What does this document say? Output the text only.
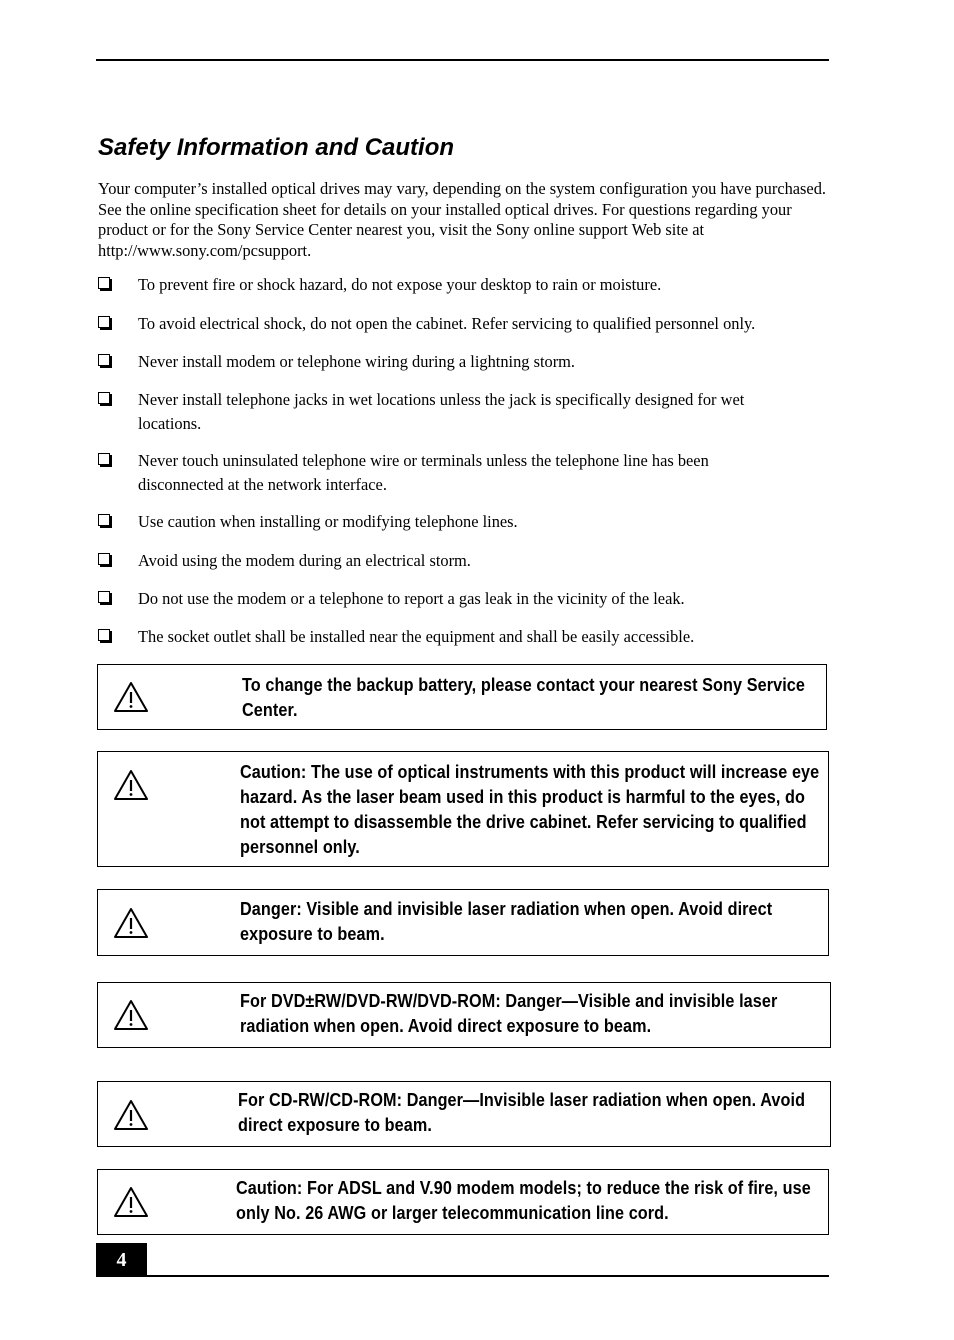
Safety Information and Caution

Your computer’s installed optical drives may vary, depending on the system configuration you have purchased. See the online specification sheet for details on your installed optical drives. For questions regarding your product or for the Sony Service Center nearest you, visit the Sony online support Web site at http://www.sony.com/pcsupport.

To prevent fire or shock hazard, do not expose your desktop to rain or moisture.
To avoid electrical shock, do not open the cabinet. Refer servicing to qualified personnel only.
Never install modem or telephone wiring during a lightning storm.
Never install telephone jacks in wet locations unless the jack is specifically designed for wet locations.
Never touch uninsulated telephone wire or terminals unless the telephone line has been disconnected at the network interface.
Use caution when installing or modifying telephone lines.
Avoid using the modem during an electrical storm.
Do not use the modem or a telephone to report a gas leak in the vicinity of the leak.
The socket outlet shall be installed near the equipment and shall be easily accessible.
To change the backup battery, please contact your nearest Sony Service Center.
Caution: The use of optical instruments with this product will increase eye hazard. As the laser beam used in this product is harmful to the eyes, do not attempt to disassemble the drive cabinet. Refer servicing to qualified personnel only.
Danger: Visible and invisible laser radiation when open. Avoid direct exposure to beam.
For DVD±RW/DVD-RW/DVD-ROM: Danger—Visible and invisible laser radiation when open. Avoid direct exposure to beam.
For CD-RW/CD-ROM: Danger—Invisible laser radiation when open. Avoid direct exposure to beam.
Caution: For ADSL and V.90 modem models; to reduce the risk of fire, use only No. 26 AWG or larger telecommunication line cord.
4
